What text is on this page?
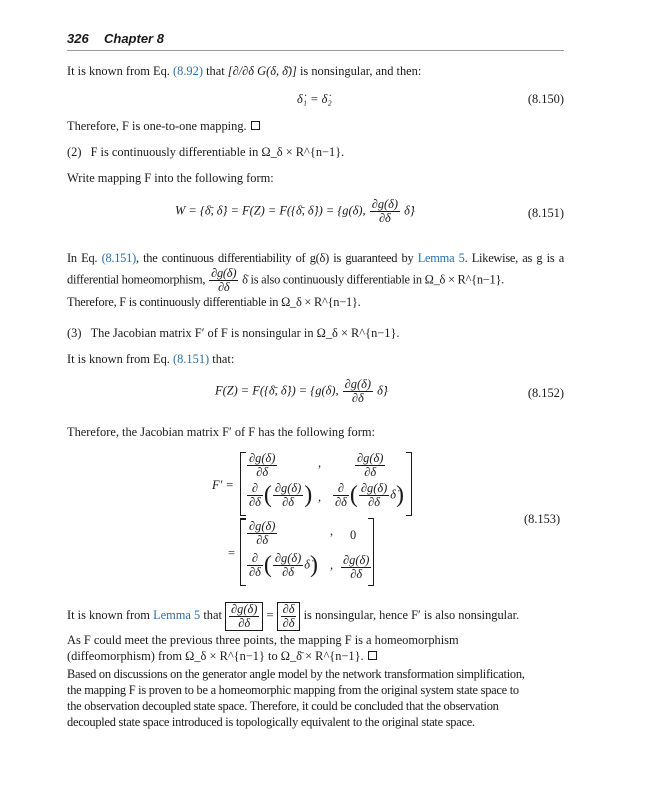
326 Chapter 8
It is known from Eq. (8.92) that [∂/∂δ G(δ, δ̄)] is nonsingular, and then:
δ̇₁ = δ̇₂	(8.150)
Therefore, F is one-to-one mapping.
(2) F is continuously differentiable in Ω_δ × R^{n−1}.
Write mapping F into the following form:
W = {δ̄, δ̇} = F(Z) = F({δ̄, δ̇}) = {g(δ), $\frac{\partial g(\delta)}{\partial\delta}$ δ̇}	(8.151)
In Eq. (8.151), the continuous differentiability of g(δ) is guaranteed by Lemma 5. Likewise, as g is a differential homeomorphism, $\frac{\partial g(\delta)}{\partial\delta}$ δ̇ is also continuously differentiable in Ω_δ × R^{n−1}.
Therefore, F is continuously differentiable in Ω_δ × R^{n−1}.
(3) The Jacobian matrix F′ of F is nonsingular in Ω_δ × R^{n−1}.
It is known from Eq. (8.151) that:
F(Z) = F({δ̄, δ̇}) = {g(δ), $\frac{\partial g(\delta)}{\partial\delta}$ δ̇}	(8.152)
Therefore, the Jacobian matrix F′ of F has the following form:
F′ =
$\frac{\partial g(\delta)}{\partial\delta}$	,	$\frac{\partial g(\delta)}{\partial\delta}$
$\frac{\partial}{\partial\delta}$ ( $\frac{\partial g(\delta)}{\partial\delta}$ ) , $\frac{\partial}{\partial\delta}$ ( $\frac{\partial g(\delta)}{\partial\delta}$ δ̇)
=
$\frac{\partial g(\delta)}{\partial\delta}$	, 0
$\frac{\partial}{\partial\delta}$ ( $\frac{\partial g(\delta)}{\partial\delta}$ δ̇) , $\frac{\partial g(\delta)}{\partial\delta}$
(8.153)
It is known from Lemma 5 that $\frac{\partial g(\delta)}{\partial\delta} = \frac{\partial\delta}{\partial\delta}$ is nonsingular, hence F′ is also nonsingular.
As F could meet the previous three points, the mapping F is a homeomorphism
(diffeomorphism) from Ω_δ × R^{n−1} to Ω_δ̄ × R^{n−1}.
Based on discussions on the generator angle model by the network transformation simplification,
the mapping F is proven to be a homeomorphic mapping from the original system state space to
the observation decoupled state space. Therefore, it could be concluded that the observation
decoupled state space introduced is topologically equivalent to the original state space.
